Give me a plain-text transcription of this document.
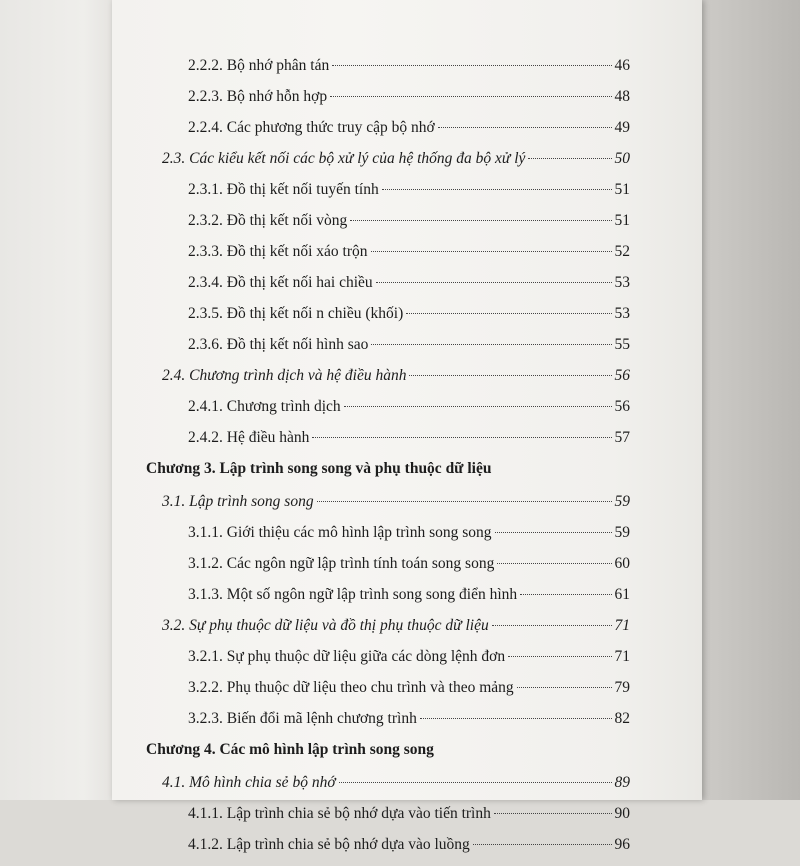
2.2.2. Bộ nhớ phân tán	46
2.2.3. Bộ nhớ hỗn hợp	48
2.2.4. Các phương thức truy cập bộ nhớ	49
2.3. Các kiểu kết nối các bộ xử lý của hệ thống đa bộ xử lý	50
2.3.1. Đồ thị kết nối tuyến tính	51
2.3.2. Đồ thị kết nối vòng	51
2.3.3. Đồ thị kết nối xáo trộn	52
2.3.4. Đồ thị kết nối hai chiều	53
2.3.5. Đồ thị kết nối n chiều (khối)	53
2.3.6. Đồ thị kết nối hình sao	55
2.4. Chương trình dịch và hệ điều hành	56
2.4.1. Chương trình dịch	56
2.4.2. Hệ điều hành	57
Chương 3. Lập trình song song và phụ thuộc dữ liệu
3.1. Lập trình song song	59
3.1.1. Giới thiệu các mô hình lập trình song song	59
3.1.2. Các ngôn ngữ lập trình tính toán song song	60
3.1.3. Một số ngôn ngữ lập trình song song điển hình	61
3.2. Sự phụ thuộc dữ liệu và đồ thị phụ thuộc dữ liệu	71
3.2.1. Sự phụ thuộc dữ liệu giữa các dòng lệnh đơn	71
3.2.2. Phụ thuộc dữ liệu theo chu trình và theo mảng	79
3.2.3. Biến đổi mã lệnh chương trình	82
Chương 4. Các mô hình lập trình song song
4.1. Mô hình chia sẻ bộ nhớ	89
4.1.1. Lập trình chia sẻ bộ nhớ dựa vào tiến trình	90
4.1.2. Lập trình chia sẻ bộ nhớ dựa vào luồng	96
